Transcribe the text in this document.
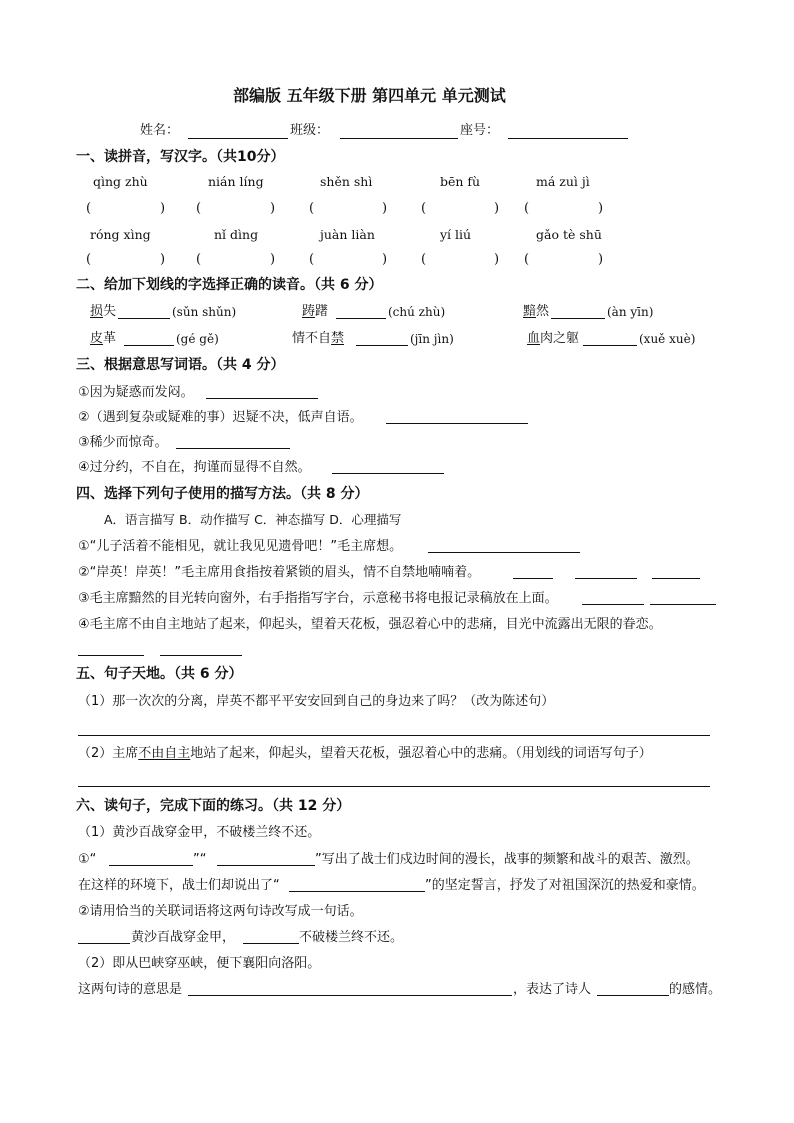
部编版 五年级下册 第四单元 单元测试
姓名：	班级：	座号：
一、读拼音，写汉字。（共10分）
qìng zhù	nián líng	shěn shì	bēn fù	má zuì jì
(	) (	)	(	)	(	) (	)
róng xìng	nǐ dìng	juàn liàn	yí liú	gǎo tè shū
(	) (	)	(	)	(	) (	)
二、给加下划线的字选择正确的读音。（共 6 分）
损失	(sǔn shǔn)	踌躇	(chú zhù)	黯然	(àn yīn)
皮革	(gé gě)	情不自禁	(jīn jìn)	血肉之躯	(xuě xuè)
三、根据意思写词语。（共 4 分）
①因为疑惑而发闷。
②（遇到复杂或疑难的事）迟疑不决，低声自语。
③稀少而惊奇。
④过分约，不自在，拘谨而显得不自然。
四、选择下列句子使用的描写方法。（共 8 分）
A．语言描写 B．动作描写 C．神态描写 D．心理描写
①“儿子活着不能相见，就让我见见遗骨吧！”毛主席想。
②“岸英！岸英！”毛主席用食指按着紧锁的眉头，情不自禁地喃喃着。
③毛主席黯然的目光转向窗外，右手指指写字台，示意秘书将电报记录稿放在上面。
④毛主席不由自主地站了起来，仰起头，望着天花板，强忍着心中的悲痛，目光中流露出无限的眷恋。
五、句子天地。（共 6 分）
（1）那一次次的分离，岸英不都平平安安回到自己的身边来了吗？（改为陈述句）
（2）主席不由自主地站了起来，仰起头，望着天花板，强忍着心中的悲痛。（用划线的词语写句子）
六、读句子，完成下面的练习。（共 12 分）
（1）黄沙百战穿金甲，不破楼兰终不还。
①“	”“	”写出了战士们戍边时间的漫长，战事的频繁和战斗的艰苦、激烈。
在这样的环境下，战士们却说出了“	”的坚定誓言，抒发了对祖国深沉的热爱和豪情。
②请用恰当的关联词语将这两句诗改写成一句话。
黄沙百战穿金甲，	不破楼兰终不还。
（2）即从巴峡穿巫峡，便下襄阳向洛阳。
这两句诗的意思是	，表达了诗人	的感情。
